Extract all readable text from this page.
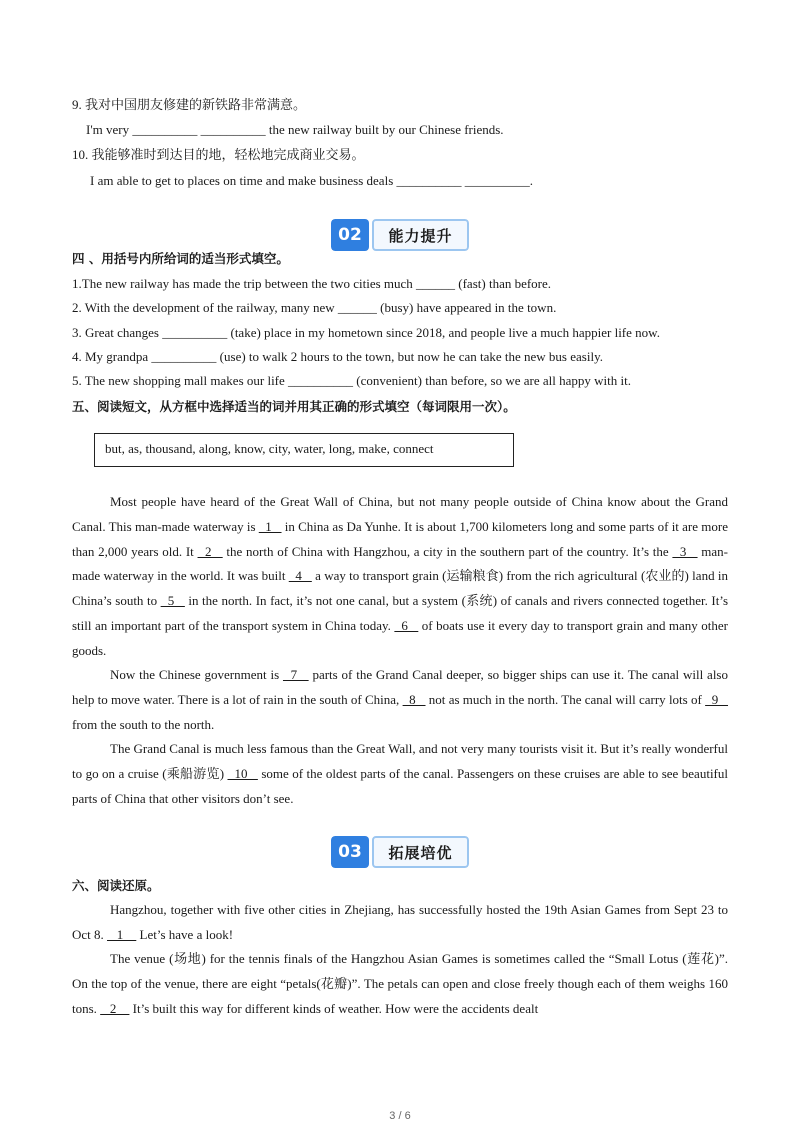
9. 我对中国朋友修建的新铁路非常满意。
I'm very __________ __________ the new railway built by our Chinese friends.
10. 我能够准时到达目的地，轻松地完成商业交易。
I am able to get to places on time and make business deals __________ __________.
02	能力提升
四 、用括号内所给词的适当形式填空。
1.The new railway has made the trip between the two cities much ______ (fast) than before.
2. With the development of the railway, many new ______ (busy) have appeared in the town.
3. Great changes __________ (take) place in my hometown since 2018, and people live a much happier life now.
4. My grandpa __________ (use) to walk 2 hours to the town, but now he can take the new bus easily.
5. The new shopping mall makes our life __________ (convenient) than before, so we are all happy with it.
五、阅读短文，从方框中选择适当的词并用其正确的形式填空（每词限用一次）。
but, as, thousand, along, know, city, water, long, make, connect
Most people have heard of the Great Wall of China, but not many people outside of China know about the Grand Canal. This man-made waterway is   1    in China as Da Yunhe. It is about 1,700 kilometers long and some parts of it are more than 2,000 years old. It   2    the north of China with Hangzhou, a city in the southern part of the country. It’s the   3    man-made waterway in the world. It was built   4    a way to transport grain (运输粮食) from the rich agricultural (农业的) land in China’s south to   5    in the north. In fact, it’s not one canal, but a system (系统) of canals and rivers connected together. It’s still an important part of the transport system in China today.   6    of boats use it every day to transport grain and many other goods.
Now the Chinese government is   7    parts of the Grand Canal deeper, so bigger ships can use it. The canal will also help to move water. There is a lot of rain in the south of China,   8    not as much in the north. The canal will carry lots of   9    from the south to the north.
The Grand Canal is much less famous than the Great Wall, and not very many tourists visit it. But it’s really wonderful to go on a cruise (乘船游览)   10    some of the oldest parts of the canal. Passengers on these cruises are able to see beautiful parts of China that other visitors don’t see.
03	拓展培优
六、阅读还原。
Hangzhou, together with five other cities in Zhejiang, has successfully hosted the 19th Asian Games from Sept 23 to Oct 8.    1     Let’s have a look!
The venue (场地) for the tennis finals of the Hangzhou Asian Games is sometimes called the “Small Lotus (莲花)”. On the top of the venue, there are eight “petals(花瓣)”. The petals can open and close freely though each of them weighs 160 tons.    2     It’s built this way for different kinds of weather. How were the accidents dealt
3 / 6
